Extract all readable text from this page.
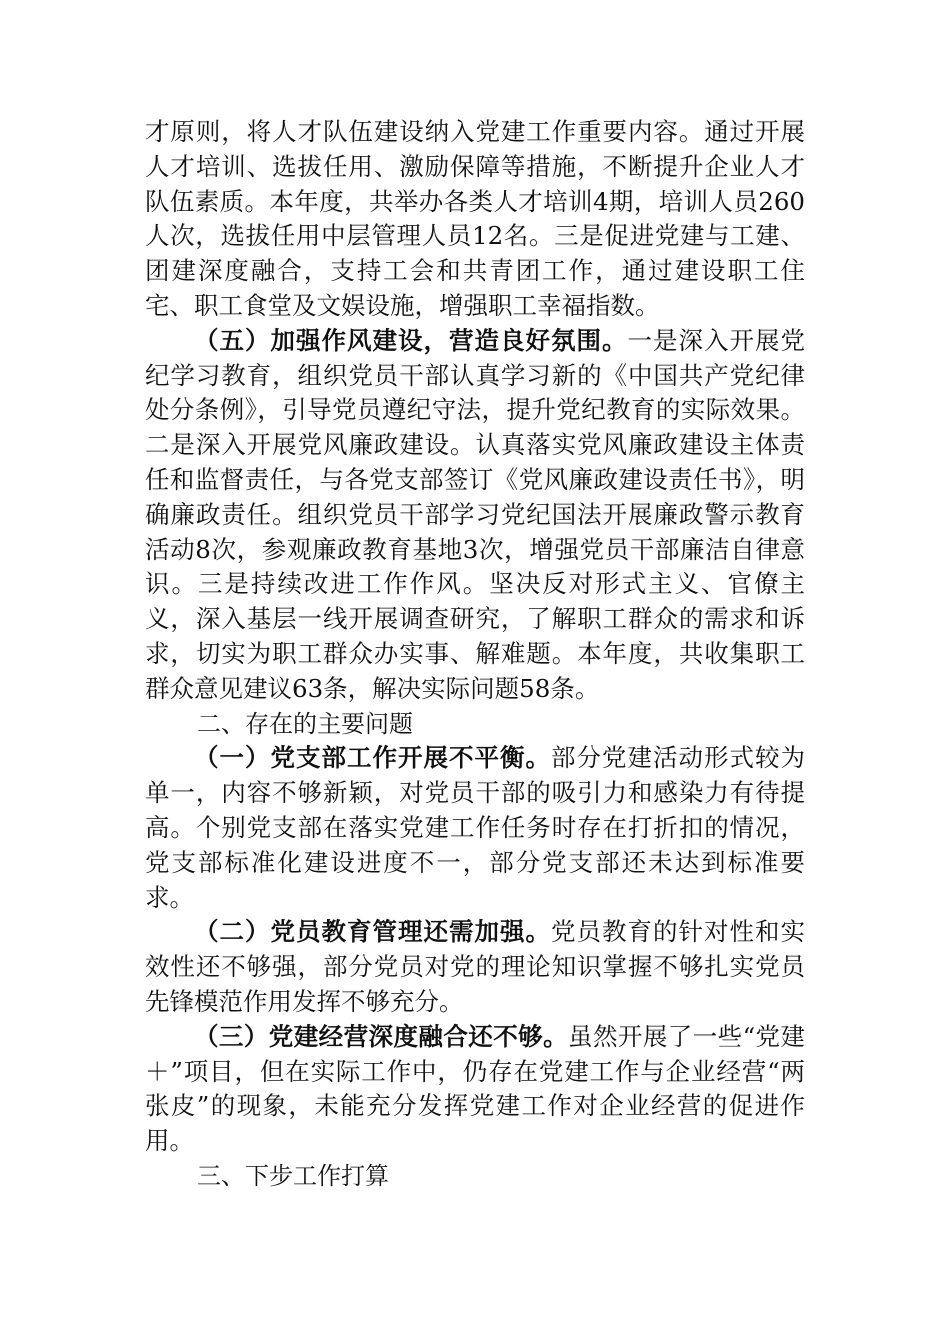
才原则，将人才队伍建设纳入党建工作重要内容。通过开展人才培训、选拔任用、激励保障等措施，不断提升企业人才队伍素质。本年度，共举办各类人才培训4期，培训人员260人次，选拔任用中层管理人员12名。三是促进党建与工建、团建深度融合，支持工会和共青团工作，通过建设职工住宅、职工食堂及文娱设施，增强职工幸福指数。

（五）加强作风建设，营造良好氛围。一是深入开展党纪学习教育，组织党员干部认真学习新的《中国共产党纪律处分条例》，引导党员遵纪守法，提升党纪教育的实际效果。二是深入开展党风廉政建设。认真落实党风廉政建设主体责任和监督责任，与各党支部签订《党风廉政建设责任书》，明确廉政责任。组织党员干部学习党纪国法开展廉政警示教育活动8次，参观廉政教育基地3次，增强党员干部廉洁自律意识。三是持续改进工作作风。坚决反对形式主义、官僚主义，深入基层一线开展调查研究，了解职工群众的需求和诉求，切实为职工群众办实事、解难题。本年度，共收集职工群众意见建议63条，解决实际问题58条。

二、存在的主要问题

（一）党支部工作开展不平衡。部分党建活动形式较为单一，内容不够新颖，对党员干部的吸引力和感染力有待提高。个别党支部在落实党建工作任务时存在打折扣的情况，党支部标准化建设进度不一，部分党支部还未达到标准要求。

（二）党员教育管理还需加强。党员教育的针对性和实效性还不够强，部分党员对党的理论知识掌握不够扎实党员先锋模范作用发挥不够充分。

（三）党建经营深度融合还不够。虽然开展了一些“党建＋”项目，但在实际工作中，仍存在党建工作与企业经营“两张皮”的现象，未能充分发挥党建工作对企业经营的促进作用。

三、下步工作打算
